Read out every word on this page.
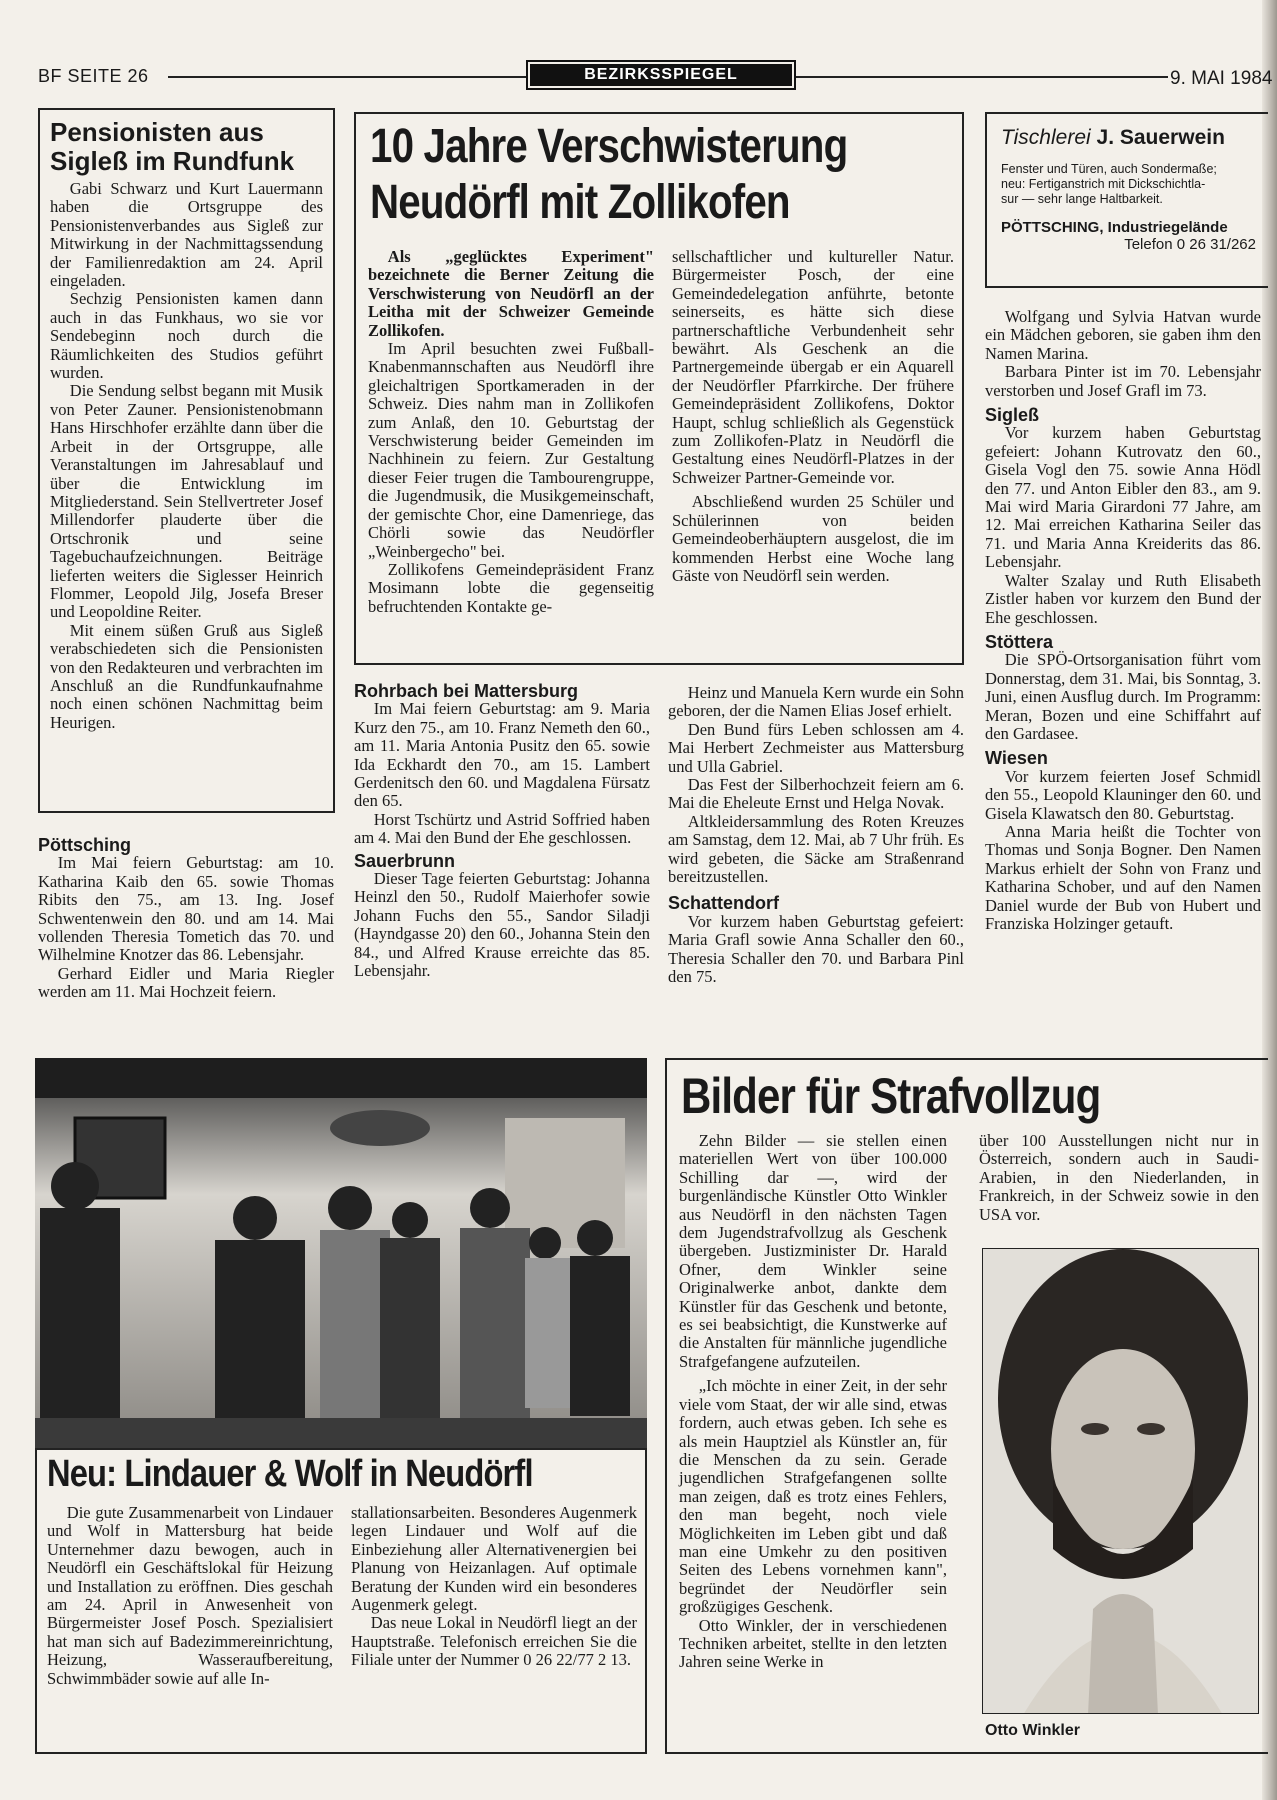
BF SEITE 26	BEZIRKSSPIEGEL	9. MAI 1984
Pensionisten aus Sigleß im Rundfunk

Gabi Schwarz und Kurt Lauermann haben die Ortsgruppe des Pensionistenverbandes aus Sigleß zur Mitwirkung in der Nachmittagssendung der Familienredaktion am 24. April eingeladen.

Sechzig Pensionisten kamen dann auch in das Funkhaus, wo sie vor Sendebeginn noch durch die Räumlichkeiten des Studios geführt wurden.

Die Sendung selbst begann mit Musik von Peter Zauner. Pensionistenobmann Hans Hirschhofer erzählte dann über die Arbeit in der Ortsgruppe, alle Veranstaltungen im Jahresablauf und über die Entwicklung im Mitgliederstand. Sein Stellvertreter Josef Millendorfer plauderte über die Ortschronik und seine Tagebuchaufzeichnungen. Beiträge lieferten weiters die Siglesser Heinrich Flommer, Leopold Jilg, Josefa Breser und Leopoldine Reiter.

Mit einem süßen Gruß aus Sigleß verabschiedeten sich die Pensionisten von den Redakteuren und verbrachten im Anschluß an die Rundfunkaufnahme noch einen schönen Nachmittag beim Heurigen.

10 Jahre Verschwisterung
Neudörfl mit Zollikofen

Als „geglücktes Experiment" bezeichnete die Berner Zeitung die Verschwisterung von Neudörfl an der Leitha mit der Schweizer Gemeinde Zollikofen.

Im April besuchten zwei Fußball-Knabenmannschaften aus Neudörfl ihre gleichaltrigen Sportkameraden in der Schweiz. Dies nahm man in Zollikofen zum Anlaß, den 10. Geburtstag der Verschwisterung beider Gemeinden im Nachhinein zu feiern. Zur Gestaltung dieser Feier trugen die Tambourengruppe, die Jugendmusik, die Musikgemeinschaft, der gemischte Chor, eine Damenriege, das Chörli sowie das Neudörfler „Weinbergecho" bei.

Zollikofens Gemeindepräsident Franz Mosimann lobte die gegenseitig befruchtenden Kontakte ge-

sellschaftlicher und kultureller Natur. Bürgermeister Posch, der eine Gemeindedelegation anführte, betonte seinerseits, es hätte sich diese partnerschaftliche Verbundenheit sehr bewährt. Als Geschenk an die Partnergemeinde übergab er ein Aquarell der Neudörfler Pfarrkirche. Der frühere Gemeindepräsident Zollikofens, Doktor Haupt, schlug schließlich als Gegenstück zum Zollikofen-Platz in Neudörfl die Gestaltung eines Neudörfl-Platzes in der Schweizer Partner-Gemeinde vor.

Abschließend wurden 25 Schüler und Schülerinnen von beiden Gemeindeoberhäuptern ausgelost, die im kommenden Herbst eine Woche lang Gäste von Neudörfl sein werden.

Tischlerei J. Sauerwein
Fenster und Türen, auch Sondermaße;
neu: Fertiganstrich mit Dickschichtla-
sur — sehr lange Haltbarkeit.
PÖTTSCHING, Industriegelände
Telefon 0 26 31/262

Wolfgang und Sylvia Hatvan wurde ein Mädchen geboren, sie gaben ihm den Namen Marina.

Barbara Pinter ist im 70. Lebensjahr verstorben und Josef Grafl im 73.

Sigleß

Vor kurzem haben Geburtstag gefeiert: Johann Kutrovatz den 60., Gisela Vogl den 75. sowie Anna Hödl den 77. und Anton Eibler den 83., am 9. Mai wird Maria Girardoni 77 Jahre, am 12. Mai erreichen Katharina Seiler das 71. und Maria Anna Kreiderits das 86. Lebensjahr.

Walter Szalay und Ruth Elisabeth Zistler haben vor kurzem den Bund der Ehe geschlossen.

Stöttera

Die SPÖ-Ortsorganisation führt vom Donnerstag, dem 31. Mai, bis Sonntag, 3. Juni, einen Ausflug durch. Im Programm: Meran, Bozen und eine Schiffahrt auf den Gardasee.

Wiesen

Vor kurzem feierten Josef Schmidl den 55., Leopold Klauninger den 60. und Gisela Klawatsch den 80. Geburtstag.

Anna Maria heißt die Tochter von Thomas und Sonja Bogner. Den Namen Markus erhielt der Sohn von Franz und Katharina Schober, und auf den Namen Daniel wurde der Bub von Hubert und Franziska Holzinger getauft.

Pöttsching

Im Mai feiern Geburtstag: am 10. Katharina Kaib den 65. sowie Thomas Ribits den 75., am 13. Ing. Josef Schwentenwein den 80. und am 14. Mai vollenden Theresia Tometich das 70. und Wilhelmine Knotzer das 86. Lebensjahr.

Gerhard Eidler und Maria Riegler werden am 11. Mai Hochzeit feiern.

Rohrbach bei Mattersburg

Im Mai feiern Geburtstag: am 9. Maria Kurz den 75., am 10. Franz Nemeth den 60., am 11. Maria Antonia Pusitz den 65. sowie Ida Eckhardt den 70., am 15. Lambert Gerdenitsch den 60. und Magdalena Fürsatz den 65.

Horst Tschürtz und Astrid Soffried haben am 4. Mai den Bund der Ehe geschlossen.

Sauerbrunn

Dieser Tage feierten Geburtstag: Johanna Heinzl den 50., Rudolf Maierhofer sowie Johann Fuchs den 55., Sandor Siladji (Hayndgasse 20) den 60., Johanna Stein den 84., und Alfred Krause erreichte das 85. Lebensjahr.

Heinz und Manuela Kern wurde ein Sohn geboren, der die Namen Elias Josef erhielt.

Den Bund fürs Leben schlossen am 4. Mai Herbert Zechmeister aus Mattersburg und Ulla Gabriel.

Das Fest der Silberhochzeit feiern am 6. Mai die Eheleute Ernst und Helga Novak.

Altkleidersammlung des Roten Kreuzes am Samstag, dem 12. Mai, ab 7 Uhr früh. Es wird gebeten, die Säcke am Straßenrand bereitzustellen.

Schattendorf

Vor kurzem haben Geburtstag gefeiert: Maria Grafl sowie Anna Schaller den 60., Theresia Schaller den 70. und Barbara Pinl den 75.

Neu: Lindauer & Wolf in Neudörfl

Die gute Zusammenarbeit von Lindauer und Wolf in Mattersburg hat beide Unternehmer dazu bewogen, auch in Neudörfl ein Geschäftslokal für Heizung und Installation zu eröffnen. Dies geschah am 24. April in Anwesenheit von Bürgermeister Josef Posch. Spezialisiert hat man sich auf Badezimmereinrichtung, Heizung, Wasseraufbereitung, Schwimmbäder sowie auf alle In-

stallationsarbeiten. Besonderes Augenmerk legen Lindauer und Wolf auf die Einbeziehung aller Alternativenergien bei Planung von Heizanlagen. Auf optimale Beratung der Kunden wird ein besonderes Augenmerk gelegt.

Das neue Lokal in Neudörfl liegt an der Hauptstraße. Telefonisch erreichen Sie die Filiale unter der Nummer 0 26 22/77 2 13.

Bilder für Strafvollzug

Zehn Bilder — sie stellen einen materiellen Wert von über 100.000 Schilling dar —, wird der burgenländische Künstler Otto Winkler aus Neudörfl in den nächsten Tagen dem Jugendstrafvollzug als Geschenk übergeben. Justizminister Dr. Harald Ofner, dem Winkler seine Originalwerke anbot, dankte dem Künstler für das Geschenk und betonte, es sei beabsichtigt, die Kunstwerke auf die Anstalten für männliche jugendliche Strafgefangene aufzuteilen.

„Ich möchte in einer Zeit, in der sehr viele vom Staat, der wir alle sind, etwas fordern, auch etwas geben. Ich sehe es als mein Hauptziel als Künstler an, für die Menschen da zu sein. Gerade jugendlichen Strafgefangenen sollte man zeigen, daß es trotz eines Fehlers, den man begeht, noch viele Möglichkeiten im Leben gibt und daß man eine Umkehr zu den positiven Seiten des Lebens vornehmen kann", begründet der Neudörfler sein großzügiges Geschenk.

Otto Winkler, der in verschiedenen Techniken arbeitet, stellte in den letzten Jahren seine Werke in

über 100 Ausstellungen nicht nur in Österreich, sondern auch in Saudi-Arabien, in den Niederlanden, in Frankreich, in der Schweiz sowie in den USA vor.

Otto Winkler
